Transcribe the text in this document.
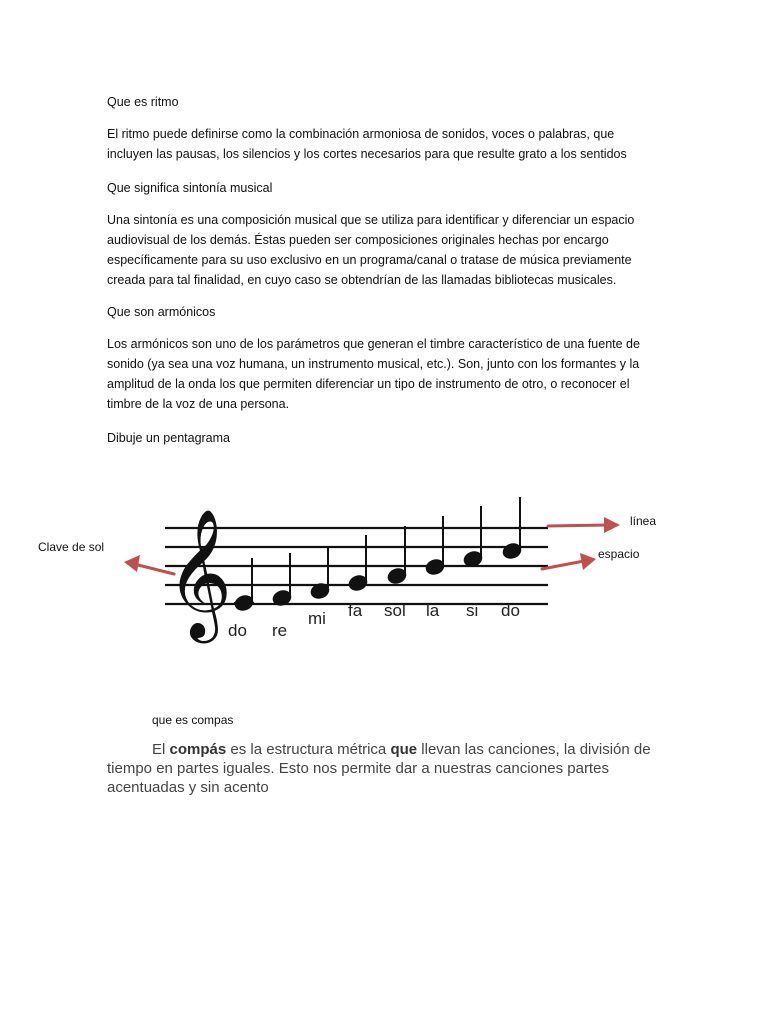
Que es ritmo
El ritmo puede definirse como la combinación armoniosa de sonidos, voces o palabras, que incluyen las pausas, los silencios y los cortes necesarios para que resulte grato a los sentidos
Que significa sintonía musical
Una sintonía es una composición musical que se utiliza para identificar y diferenciar un espacio audiovisual de los demás. Éstas pueden ser composiciones originales hechas por encargo específicamente para su uso exclusivo en un programa/canal o tratase de música previamente creada para tal finalidad, en cuyo caso se obtendrían de las llamadas bibliotecas musicales.
Que son armónicos
Los armónicos son uno de los parámetros que generan el timbre característico de una fuente de sonido (ya sea una voz humana, un instrumento musical, etc.). Son, junto con los formantes y la amplitud de la onda los que permiten diferenciar un tipo de instrumento de otro, o reconocer el timbre de la voz de una persona.
Dibuje un pentagrama
𝄞
do re
mi fa sol la si do
Clave de sol
línea
espacio
que es compas
El compás es la estructura métrica que llevan las canciones, la división de tiempo en partes iguales. Esto nos permite dar a nuestras canciones partes acentuadas y sin acento
